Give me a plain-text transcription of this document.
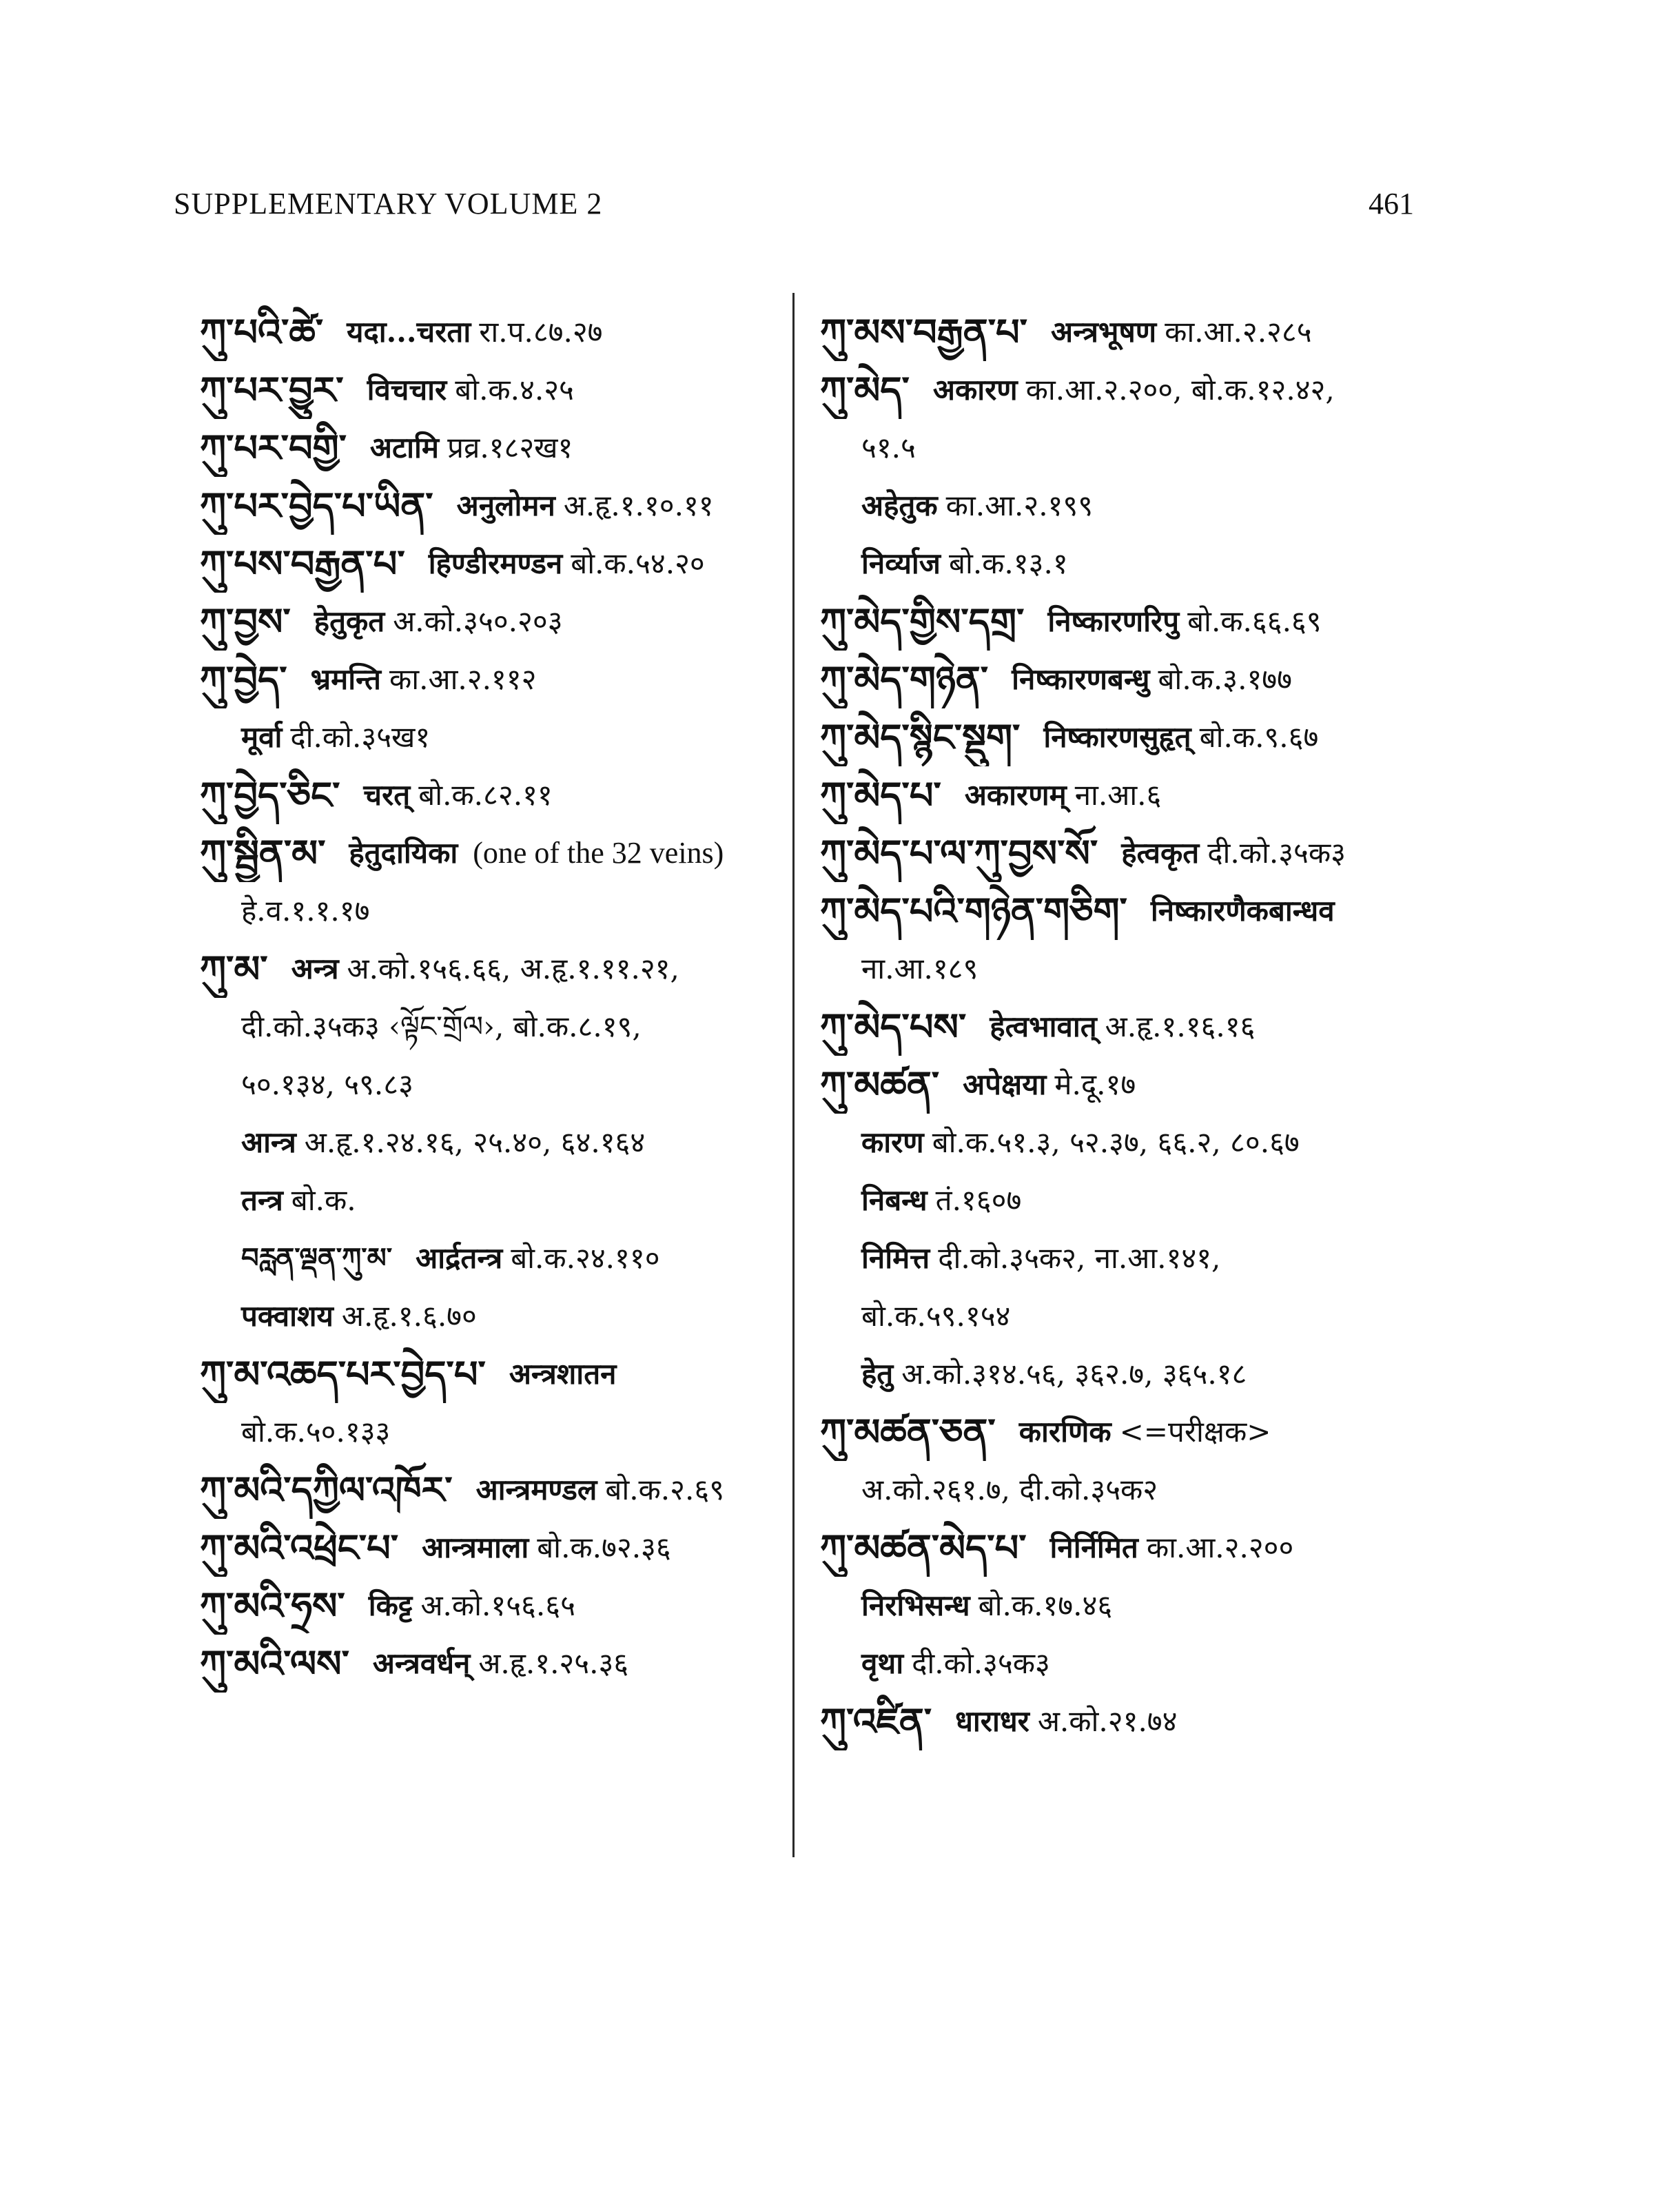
SUPPLEMENTARY VOLUME 2	461
ཀུ་པའི་ཚེ་ यदा...चरता रा.प.८७.२७
ཀུ་པར་བྱུར་ विचचार बो.क.४.२५
ཀུ་པར་བགྱི་ अटामि प्रव्र.१८२ख१
ཀུ་པར་བྱེད་པ་ཡིན་ अनुलोमन अ.हृ.१.१०.११
ཀུ་པས་བརྒྱན་པ་ हिण्डीरमण्डन बो.क.५४.२०
ཀུ་བྱས་ हेतुकृत अ.को.३५०.२०३
ཀུ་བྱེད་ भ्रमन्ति का.आ.२.११२
मूर्वा दी.को.३५ख१
ཀུ་བྱེད་ཅིང་ चरत् बो.क.८२.११
ཀུ་སྦྱིན་མ་ हेतुदायिका (one of the 32 veins)
हे.व.१.१.१७
ཀུ་མ་ अन्त्र अ.को.१५६.६६, अ.हृ.१.११.२१,
दी.को.३५क३ ‹ལྟོང་གྲོལ›, बो.क.८.१९,
५०.१३४, ५९.८३
आन्त्र अ.हृ.१.२४.१६, २५.४०, ६४.१६४
तन्त्र बो.क.
བརླན་ལྡན་ཀུ་མ་ आर्द्रतन्त्र बो.क.२४.११०
पक्वाशय अ.हृ.१.६.७०
ཀུ་མ་འཆད་པར་བྱེད་པ་ अन्त्रशातन
बो.क.५०.१३३
ཀུ་མའི་དཀྱིལ་འཁོར་ आन्त्रमण्डल बो.क.२.६९
ཀུ་མའི་འཕྲེང་པ་ आन्त्रमाला बो.क.७२.३६
ཀུ་མའི་ཧྲས་ किट्ट अ.को.१५६.६५
ཀུ་མའི་ལས་ अन्त्रवर्धन् अ.हृ.१.२५.३६
ཀུ་མས་བརྒྱན་པ་ अन्त्रभूषण का.आ.२.२८५
ཀུ་མེད་ अकारण का.आ.२.२००, बो.क.१२.४२,
५१.५
अहेतुक का.आ.२.१९९
निर्व्याज बो.क.१३.१
ཀུ་མེད་གྱིས་དགྲ་ निष्कारणरिपु बो.क.६६.६९
ཀུ་མེད་གཉེན་ निष्कारणबन्धु बो.क.३.१७७
ཀུ་མེད་སྙིང་སྡུག་ निष्कारणसुहृत् बो.क.९.६७
ཀུ་མེད་པ་ अकारणम् ना.आ.६
ཀུ་མེད་པ་ལ་ཀུ་བྱས་སོ་ हेत्वकृत दी.को.३५क३
ཀུ་མེད་པའི་གཉེན་གཅིག་ निष्कारणैकबान्धव
ना.आ.१८९
ཀུ་མེད་པས་ हेत्वभावात् अ.हृ.१.१६.१६
ཀུ་མཚན་ अपेक्षया मे.दू.१७
कारण बो.क.५१.३, ५२.३७, ६६.२, ८०.६७
निबन्ध तं.१६०७
निमित्त दी.को.३५क२, ना.आ.१४१,
बो.क.५९.१५४
हेतु अ.को.३१४.५६, ३६२.७, ३६५.१८
ཀུ་མཚན་ཅན་ कारणिक <=परीक्षक>
अ.को.२६१.७, दी.को.३५क२
ཀུ་མཚན་མེད་པ་ निर्निमित का.आ.२.२००
निरभिसन्ध बो.क.१७.४६
वृथा दी.को.३५क३
ཀུ་འཛིན་ धाराधर अ.को.२१.७४
